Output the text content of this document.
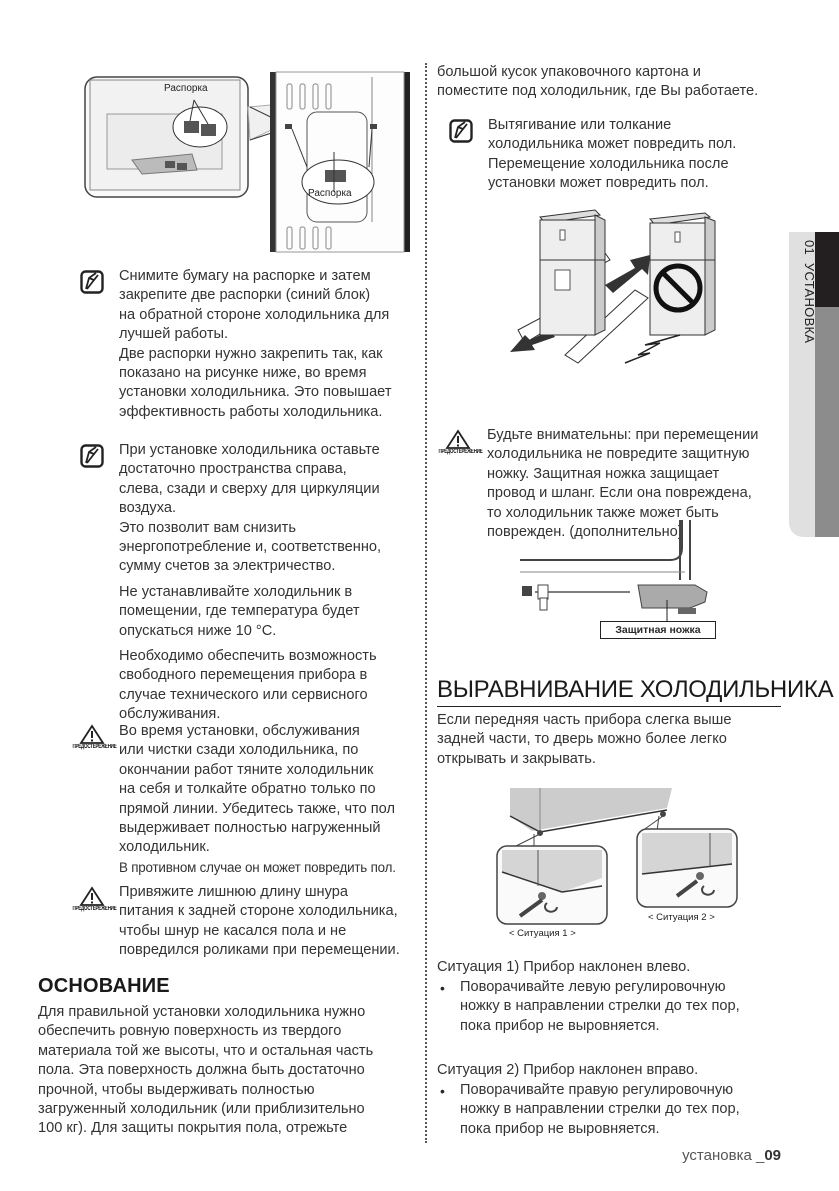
01  УСТАНОВКА
Распорка
Распорка

Снимите бумагу на распорке и затем

закрепите две распорки (синий блок)

на обратной стороне холодильника для

лучшей работы.

Две распорки нужно закрепить так, как

показано на рисунке ниже, во время

установки холодильника. Это повышает

эффективность работы холодильника.

При установке холодильника оставьте

достаточно пространства справа,

слева, сзади и сверху для циркуляции

воздуха.

Это позволит вам снизить

энергопотребление и, соответственно,

сумму счетов за электричество.

Не устанавливайте холодильник в

помещении, где температура будет

опускаться ниже 10 °C.

Необходимо обеспечить возможность

свободного перемещения прибора в

случае технического или сервисного

обслуживания.

ПРЕДОСТЕРЕЖЕНИЕ

Во время установки, обслуживания

или чистки сзади холодильника, по

окончании работ тяните холодильник

на себя и толкайте обратно только по

прямой линии. Убедитесь также, что пол

выдерживает полностью нагруженный

холодильник.

В противном случае он может повредить пол.

ПРЕДОСТЕРЕЖЕНИЕ

Привяжите лишнюю длину шнура

питания к задней стороне холодильника,

чтобы шнур не касался пола и не

повредился роликами при перемещении.

ОСНОВАНИЕ

Для правильной установки холодильника нужно

обеспечить ровную поверхность из твердого

материала той же высоты, что и остальная часть

пола. Эта поверхность должна быть достаточно

прочной, чтобы выдерживать полностью

загруженный холодильник (или приблизительно

100 кг). Для защиты покрытия пола, отрежьте

большой кусок упаковочного картона и

поместите под холодильник, где Вы работаете.

Вытягивание или толкание

холодильника может повредить пол.

Перемещение холодильника после

установки может повредить пол.

ПРЕДОСТЕРЕЖЕНИЕ

Будьте внимательны: при перемещении

холодильника не повредите защитную

ножку. Защитная ножка защищает

провод и шланг. Если она повреждена,

то холодильник также может быть

поврежден. (дополнительно)

Защитная ножка
ВЫРАВНИВАНИЕ ХОЛОДИЛЬНИКА

Если передняя часть прибора слегка выше

задней части, то дверь можно более легко

открывать и закрывать.

< Ситуация 1 >
< Ситуация 2 >
Ситуация 1) Прибор наклонен влево.
• Поворачивайте левую регулировочную

ножку в направлении стрелки до тех пор,

пока прибор не выровняется.

Ситуация 2) Прибор наклонен вправо.
• Поворачивайте правую регулировочную

ножку в направлении стрелки до тех пор,

пока прибор не выровняется.

установка _09
